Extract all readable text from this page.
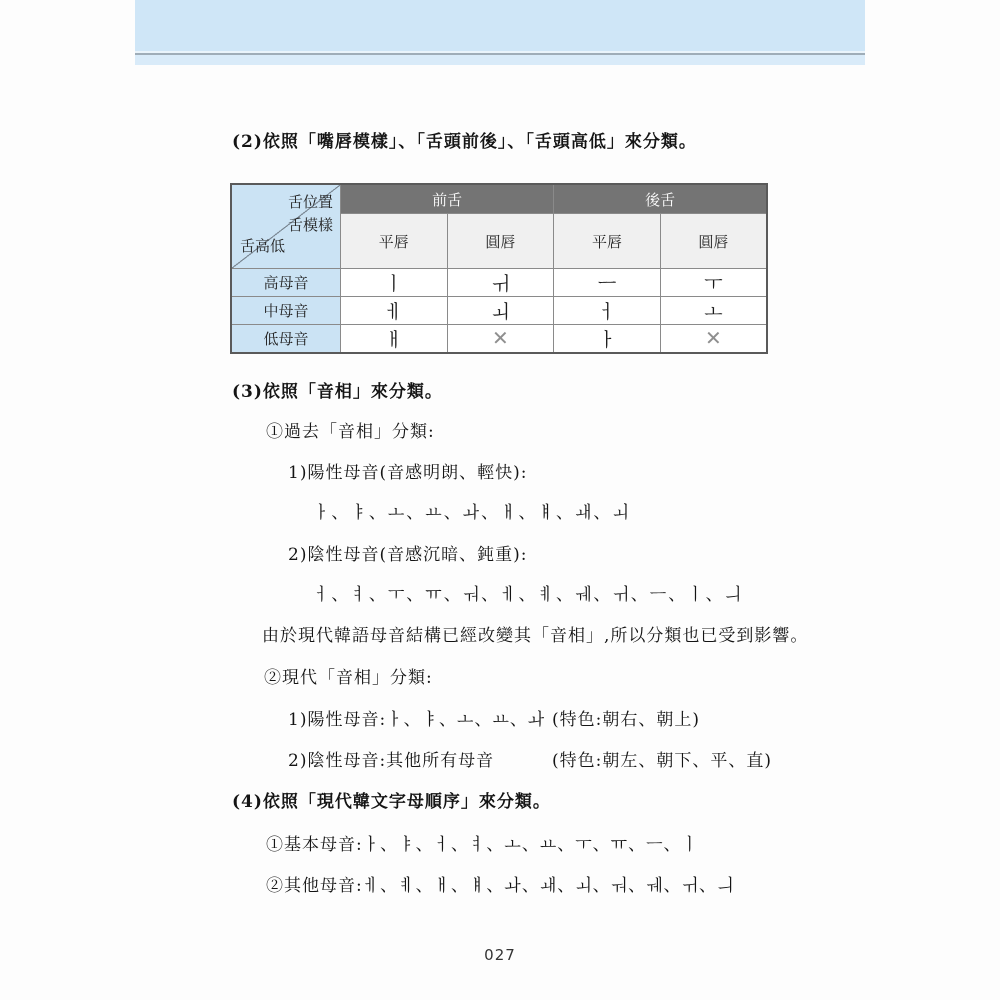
(2)依照「嘴唇模樣」、「舌頭前後」、「舌頭高低」來分類。
舌位置
舌模樣
舌高低	前舌		後舌	
	平唇	圓唇	平唇	圓唇
高母音	ㅣ	ㅟ	ㅡ	ㅜ
中母音	ㅔ	ㅚ	ㅓ	ㅗ
低母音	ㅐ	✕	ㅏ	✕
(3)依照「音相」來分類。
①過去「音相」分類:
1)陽性母音(音感明朗、輕快):
ㅏ、ㅑ、ㅗ、ㅛ、ㅘ、ㅐ、ㅒ、ㅙ、ㅚ
2)陰性母音(音感沉暗、鈍重):
ㅓ、ㅕ、ㅜ、ㅠ、ㅝ、ㅔ、ㅖ、ㅞ、ㅟ、ㅡ、ㅣ、ㅢ
由於現代韓語母音結構已經改變其「音相」,所以分類也已受到影響。
②現代「音相」分類:
1)陽性母音:ㅏ、ㅑ、ㅗ、ㅛ、ㅘ (特色:朝右、朝上)
2)陰性母音:其他所有母音	(特色:朝左、朝下、平、直)
(4)依照「現代韓文字母順序」來分類。
①基本母音:ㅏ、ㅑ、ㅓ、ㅕ、ㅗ、ㅛ、ㅜ、ㅠ、ㅡ、ㅣ
②其他母音:ㅔ、ㅖ、ㅐ、ㅒ、ㅘ、ㅙ、ㅚ、ㅝ、ㅞ、ㅟ、ㅢ
027
